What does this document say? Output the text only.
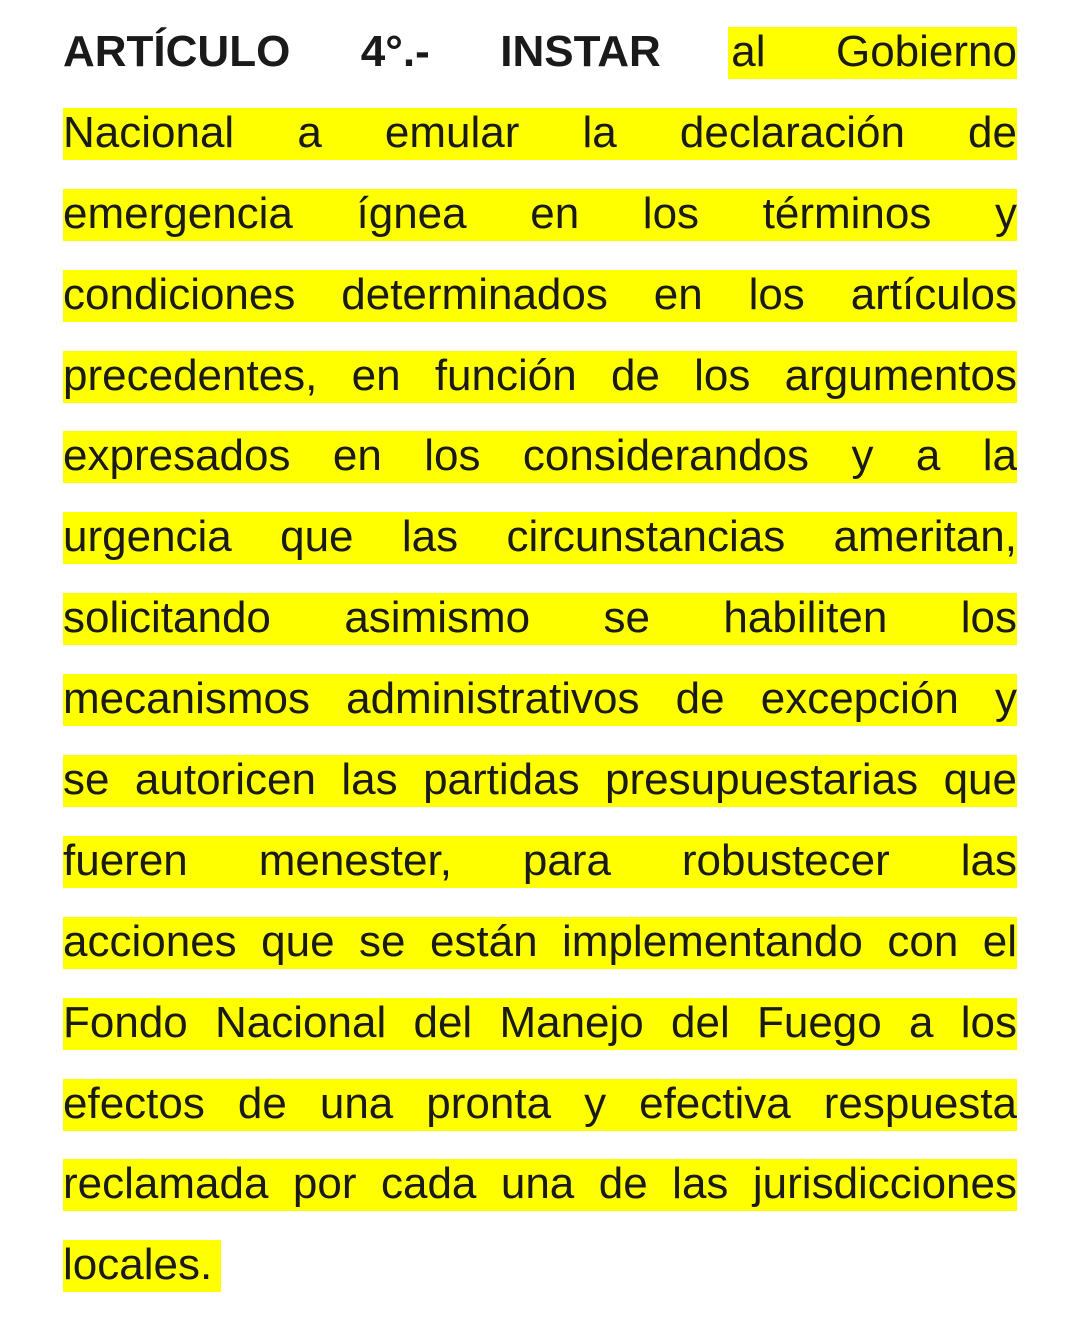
ARTÍCULO 4°.- INSTAR al Gobierno
Nacional a emular la declaración de
emergencia ígnea en los términos y
condiciones determinados en los artículos
precedentes, en función de los argumentos
expresados en los considerandos y a la
urgencia que las circunstancias ameritan,
solicitando asimismo se habiliten los
mecanismos administrativos de excepción y
se autoricen las partidas presupuestarias que
fueren menester, para robustecer las
acciones que se están implementando con el
Fondo Nacional del Manejo del Fuego a los
efectos de una pronta y efectiva respuesta
reclamada por cada una de las jurisdicciones
locales.
